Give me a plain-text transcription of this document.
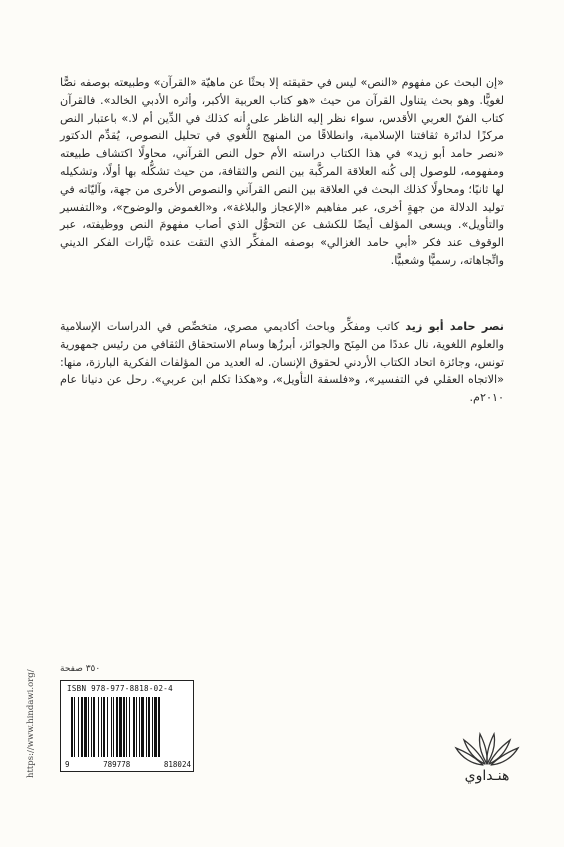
«إن البحث عن مفهوم «النص» ليس في حقيقته إلا بحثًا عن ماهيّة «القرآن» وطبيعته بوصفه نصًّا لغويًّا. وهو بحث يتناول القرآن من حيث «هو كتاب العربية الأكبر، وأثره الأدبي الخالد». فالقرآن كتاب الفنّ العربي الأقدس، سواء نظر إليه الناظر على أنه كذلك في الدِّين أم لا.» باعتبار النص مركزًا لدائرة ثقافتنا الإسلامية، وانطلاقًا من المنهج اللُّغوي في تحليل النصوص، يُقدِّم الدكتور «نصر حامد أبو زيد» في هذا الكتاب دراسته الأم حول النص القرآني، محاولًا اكتشاف طبيعته ومفهومه، للوصول إلى كُنه العلاقة المركَّبة بين النص والثقافة، من حيث تشكُّله بها أولًا، وتشكيله لها ثانيًا؛ ومحاولًا كذلك البحث في العلاقة بين النص القرآني والنصوص الأخرى من جهة، وآليّاته في توليد الدلالة من جهةٍ أخرى، عبر مفاهيم «الإعجاز والبلاغة»، و«الغموض والوضوح»، و«التفسير والتأويل». ويسعى المؤلف أيضًا للكشف عن التحوُّل الذي أصاب مفهومَ النص ووظيفته، عبر الوقوف عند فكر «أبي حامد الغزالي» بوصفه المفكِّر الذي التقت عنده تيَّارات الفكر الديني واتِّجاهاته، رسميًّا وشعبيًّا.

نصر حامد أبو زيد كاتب ومفكِّر وباحث أكاديمي مصري، متخصِّص في الدراسات الإسلامية والعلوم اللغوية، نال عددًا من المِنَح والجوائز، أبرزُها وسام الاستحقاق الثقافي من رئيس جمهورية تونس، وجائزة اتحاد الكتاب الأردني لحقوق الإنسان. له العديد من المؤلفات الفكرية البارزة، منها: «الاتجاه العقلي في التفسير»، و«فلسفة التأويل»، و«هكذا تكلم ابن عربي». رحل عن دنيانا عام ٢٠١٠م.
https://www.hindawi.org/
٣٥٠ صفحة
ISBN 978-977-8818-02-4
9	789778	818024
هنـداوي
